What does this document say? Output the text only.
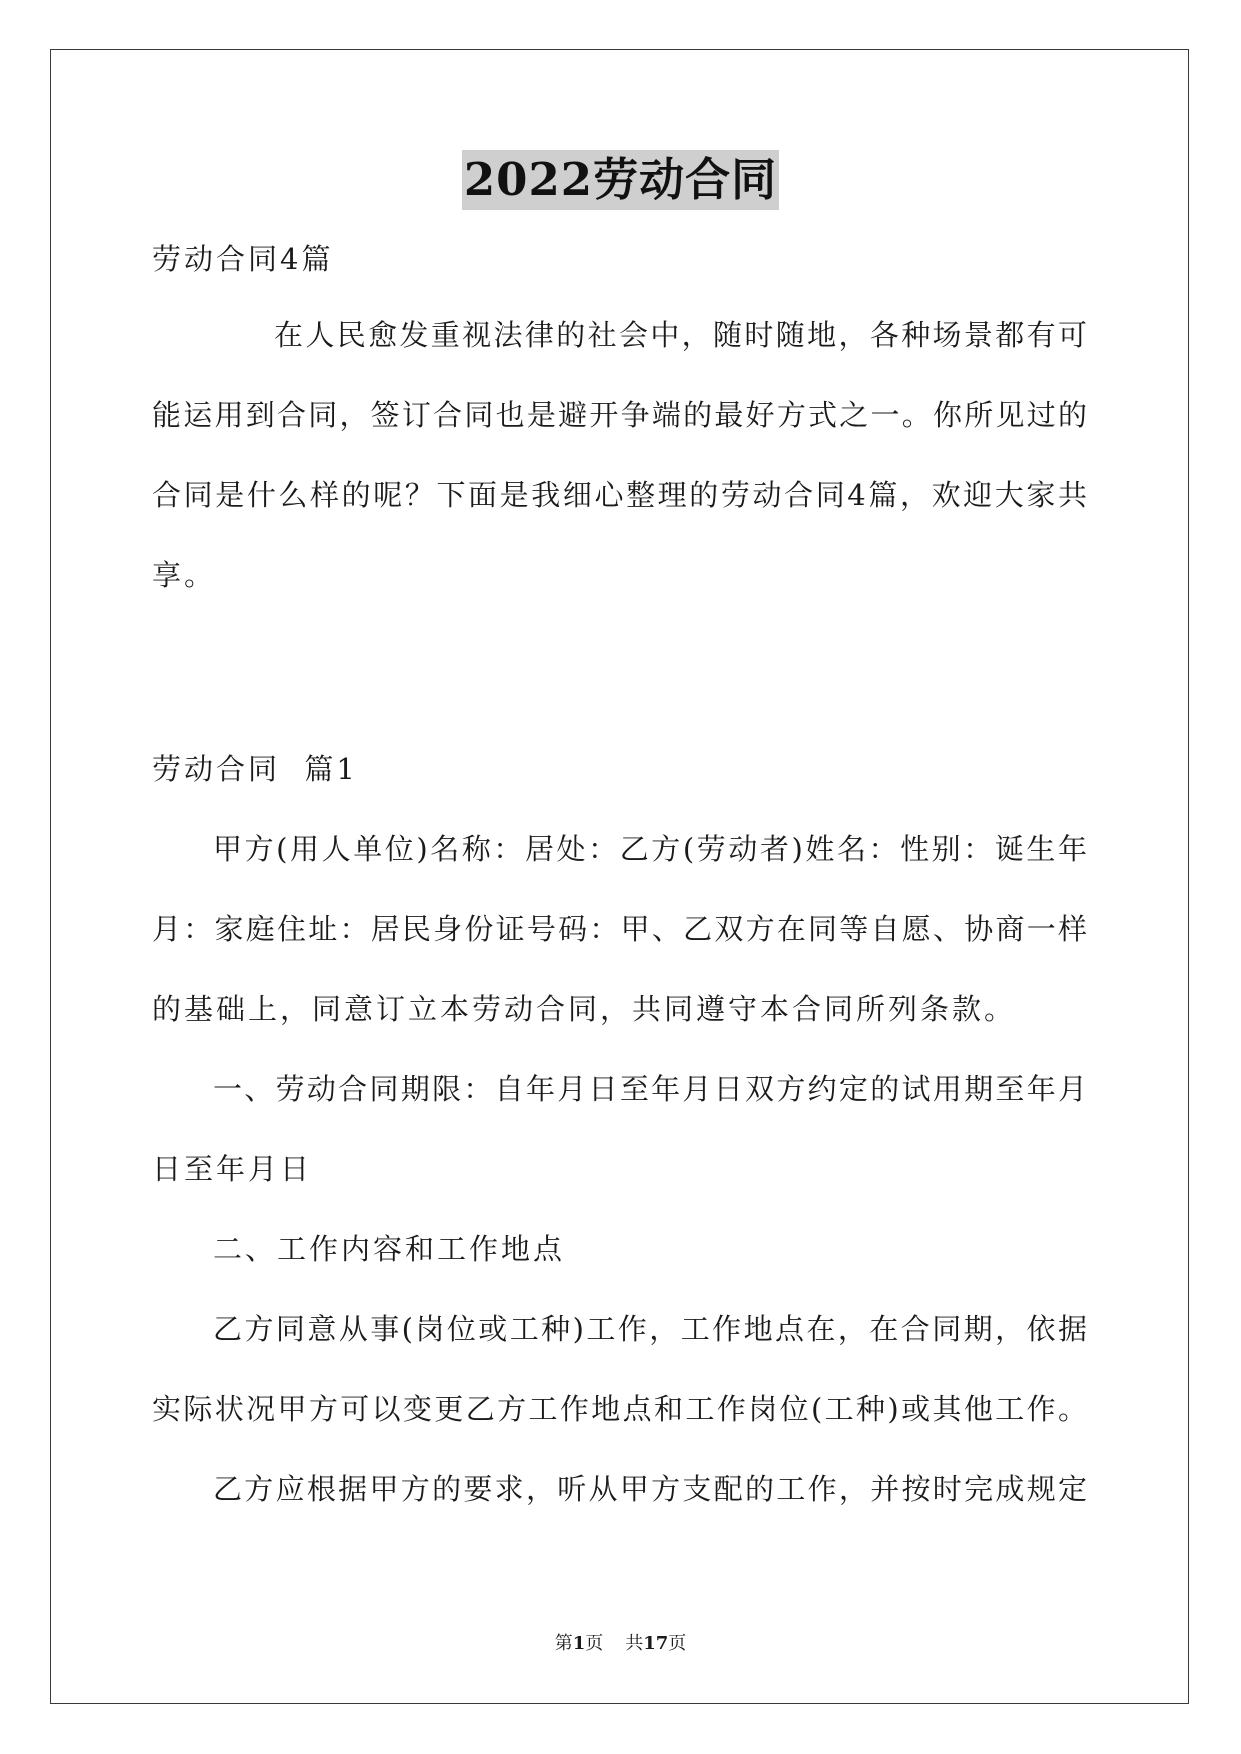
2022劳动合同
劳动合同4篇
在人民愈发重视法律的社会中，随时随地，各种场景都有可
能运用到合同，签订合同也是避开争端的最好方式之一。你所见过的
合同是什么样的呢？下面是我细心整理的劳动合同4篇，欢迎大家共
享。
劳动合同  篇1
甲方(用人单位)名称：居处：乙方(劳动者)姓名：性别：诞生年
月：家庭住址：居民身份证号码：甲、乙双方在同等自愿、协商一样
的基础上，同意订立本劳动合同，共同遵守本合同所列条款。
一、劳动合同期限：自年月日至年月日双方约定的试用期至年月
日至年月日
二、工作内容和工作地点
乙方同意从事(岗位或工种)工作，工作地点在，在合同期，依据
实际状况甲方可以变更乙方工作地点和工作岗位(工种)或其他工作。
乙方应根据甲方的要求，听从甲方支配的工作，并按时完成规定
第1页 共17页
